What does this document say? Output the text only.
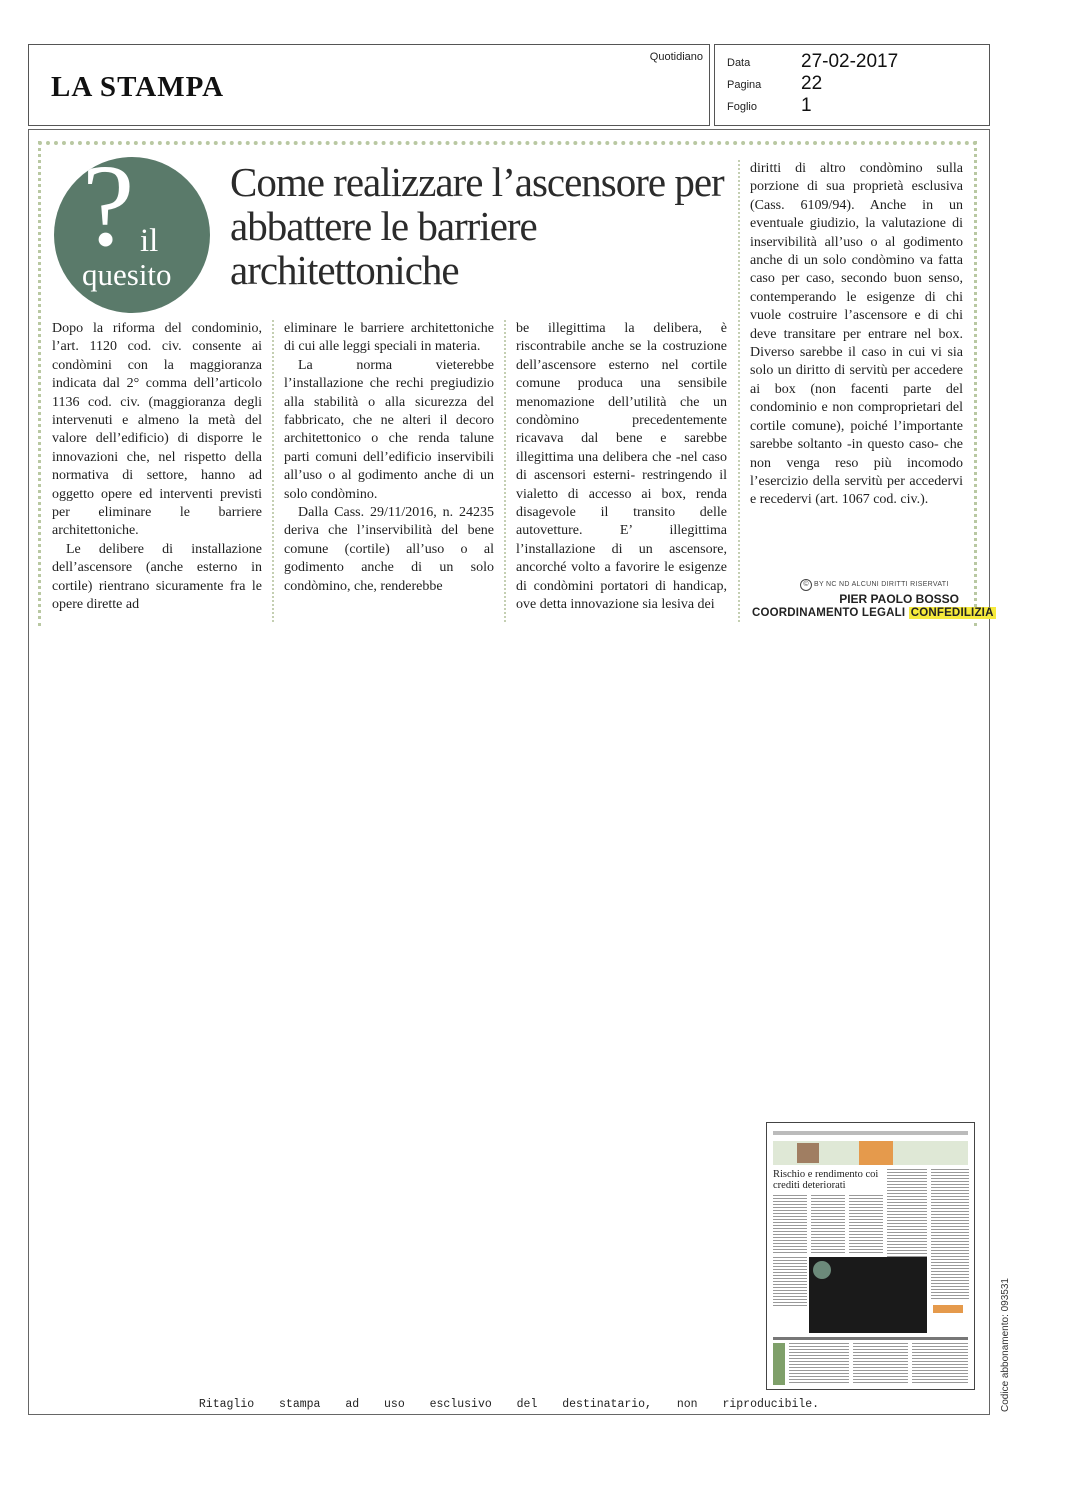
LA STAMPA
Quotidiano Data	27-02-2017
Pagina 22
Foglio 1
? il
quesito
Come realizzare l’ascensore per abbattere le barriere architettoniche

Dopo la riforma del condominio, l’art. 1120 cod. civ. consente ai condòmini con la maggioranza indicata dal 2° comma dell’articolo 1136 cod. civ. (maggioranza degli intervenuti e almeno la metà del valore dell’edificio) di disporre le innovazioni che, nel rispetto della normativa di settore, hanno ad oggetto opere ed interventi previsti per eliminare le barriere architettoniche.

Le delibere di installazione dell’ascensore (anche esterno in cortile) rientrano sicuramente fra le opere dirette ad

eliminare le barriere architettoniche di cui alle leggi speciali in materia.

La norma vieterebbe l’installazione che rechi pregiudizio alla stabilità o alla sicurezza del fabbricato, che ne alteri il decoro architettonico o che renda talune parti comuni dell’edificio inservibili all’uso o al godimento anche di un solo condòmino.

Dalla Cass. 29/11/2016, n. 24235 deriva che l’inservibilità del bene comune (cortile) all’uso o al godimento anche di un solo condòmino, che, renderebbe

be illegittima la delibera, è riscontrabile anche se la costruzione dell’ascensore esterno nel cortile comune produca una sensibile menomazione dell’utilità che un condòmino precedentemente ricavava dal bene e sarebbe illegittima una delibera che -nel caso di ascensori esterni- restringendo il vialetto di accesso ai box, renda disagevole il transito delle autovetture. E’ illegittima l’installazione di un ascensore, ancorché volto a favorire le esigenze di condòmini portatori di handicap, ove detta innovazione sia lesiva dei

diritti di altro condòmino sulla porzione di sua proprietà esclusiva (Cass. 6109/94). Anche in un eventuale giudizio, la valutazione di inservibilità all’uso o al godimento anche di un solo condòmino va fatta caso per caso, secondo buon senso, contemperando le esigenze di chi vuole costruire l’ascensore e di chi deve transitare per entrare nel box. Diverso sarebbe il caso in cui vi sia solo un diritto di servitù per accedere ai box (non facenti parte del condominio e non comproprietari del cortile comune), poiché l’importante sarebbe soltanto -in questo caso- che non venga reso più incomodo l’esercizio della servitù per accedervi e recedervi (art. 1067 cod. civ.).

© BY NC ND ALCUNI DIRITTI RISERVATI
PIER PAOLO BOSSO
COORDINAMENTO LEGALI CONFEDILIZIA
Rischio e rendimento coi crediti deteriorati
Codice abbonamento: 093531
Ritaglio stampa ad uso esclusivo del destinatario, non riproducibile.
